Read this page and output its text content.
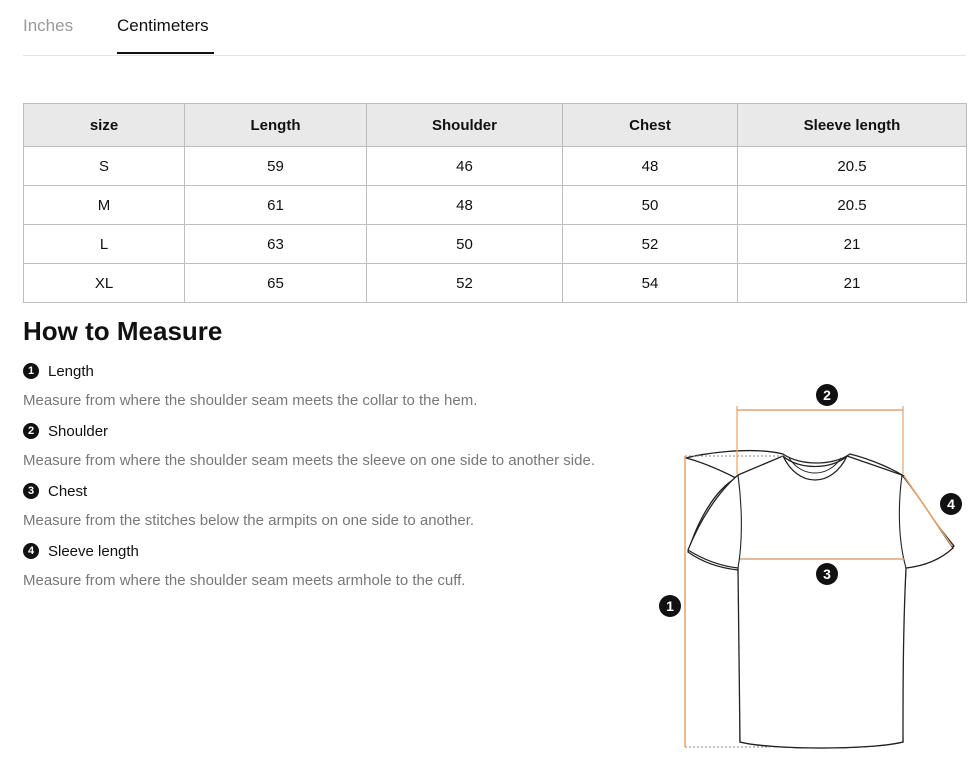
Inches	Centimeters
size	Length	Shoulder	Chest	Sleeve length
S	59	46	48	20.5
M	61	48	50	20.5
L	63	50	52	21
XL	65	52	54	21
How to Measure
1 Length
Measure from where the shoulder seam meets the collar to the hem.
2 Shoulder
Measure from where the shoulder seam meets the sleeve on one side to another side.
3 Chest
Measure from the stitches below the armpits on one side to another.
4 Sleeve length
Measure from where the shoulder seam meets armhole to the cuff.
2
4
3
1
